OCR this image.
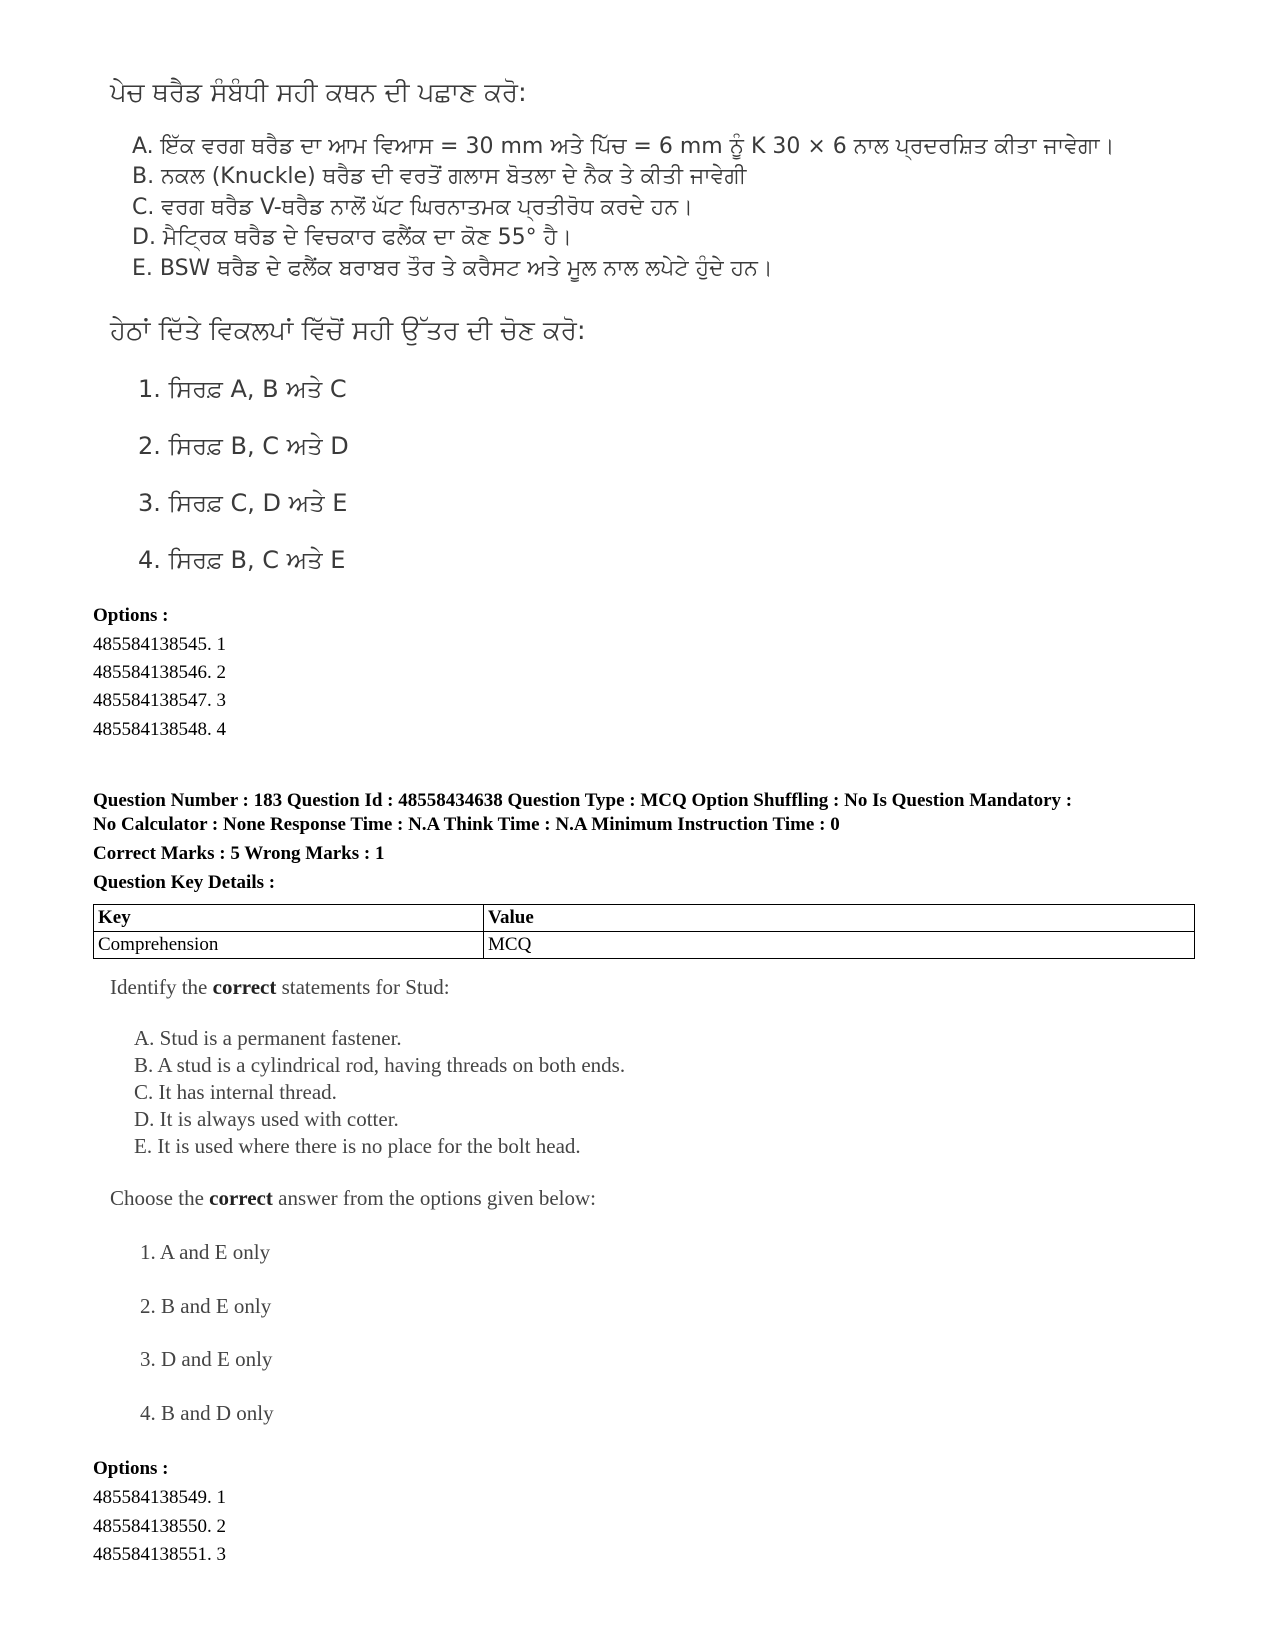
ਪੇਚ ਥਰੈਡ ਸੰਬੰਧੀ ਸਹੀ ਕਥਨ ਦੀ ਪਛਾਣ ਕਰੋ:
A. ਇੱਕ ਵਰਗ ਥਰੈਡ ਦਾ ਆਮ ਵਿਆਸ = 30 mm ਅਤੇ ਪਿੱਚ = 6 mm ਨੂੰ K 30 × 6 ਨਾਲ ਪ੍ਰਦਰਸ਼ਿਤ ਕੀਤਾ ਜਾਵੇਗਾ।
B. ਨਕਲ (Knuckle) ਥਰੈਡ ਦੀ ਵਰਤੋਂ ਗਲਾਸ ਬੋਤਲਾ ਦੇ ਨੈਕ ਤੇ ਕੀਤੀ ਜਾਵੇਗੀ
C. ਵਰਗ ਥਰੈਡ V-ਥਰੈਡ ਨਾਲੋਂ ਘੱਟ ਘਿਰਨਾਤਮਕ ਪ੍ਰਤੀਰੋਧ ਕਰਦੇ ਹਨ।
D. ਮੈਟ੍ਰਿਕ ਥਰੈਡ ਦੇ ਵਿਚਕਾਰ ਫਲੈਂਕ ਦਾ ਕੋਣ 55° ਹੈ।
E. BSW ਥਰੈਡ ਦੇ ਫਲੈਂਕ ਬਰਾਬਰ ਤੌਰ ਤੇ ਕਰੈਸਟ ਅਤੇ ਮੂਲ ਨਾਲ ਲਪੇਟੇ ਹੁੰਦੇ ਹਨ।
ਹੇਠਾਂ ਦਿੱਤੇ ਵਿਕਲਪਾਂ ਵਿੱਚੋਂ ਸਹੀ ਉੱਤਰ ਦੀ ਚੋਣ ਕਰੋ:
1. ਸਿਰਫ਼ A, B ਅਤੇ C
2. ਸਿਰਫ਼ B, C ਅਤੇ D
3. ਸਿਰਫ਼ C, D ਅਤੇ E
4. ਸਿਰਫ਼ B, C ਅਤੇ E
Options :
485584138545. 1
485584138546. 2
485584138547. 3
485584138548. 4
Question Number : 183 Question Id : 48558434638 Question Type : MCQ Option Shuffling : No Is Question Mandatory :
No Calculator : None Response Time : N.A Think Time : N.A Minimum Instruction Time : 0
Correct Marks : 5 Wrong Marks : 1
Question Key Details :
Key	Value
Comprehension	MCQ
Identify the correct statements for Stud:
A. Stud is a permanent fastener.
B. A stud is a cylindrical rod, having threads on both ends.
C. It has internal thread.
D. It is always used with cotter.
E. It is used where there is no place for the bolt head.
Choose the correct answer from the options given below:
1. A and E only
2. B and E only
3. D and E only
4. B and D only
Options :
485584138549. 1
485584138550. 2
485584138551. 3
